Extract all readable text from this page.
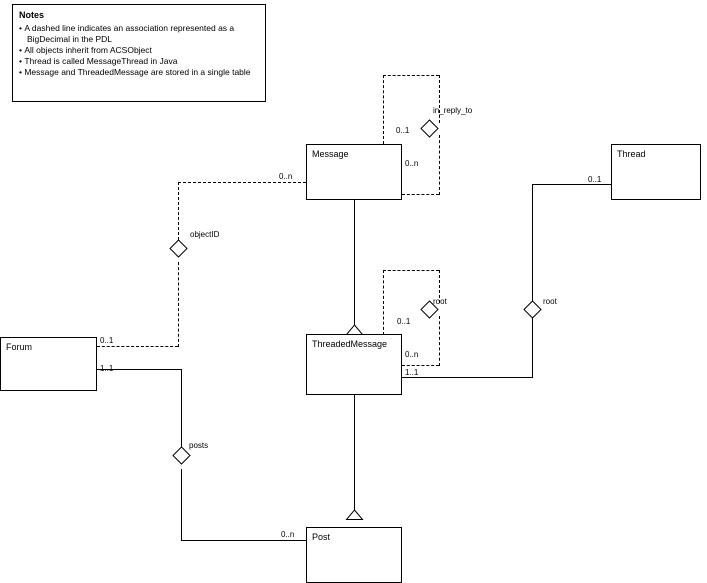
Notes
• A dashed line indicates an association represented as a BigDecimal in the PDL
• All objects inherit from ACSObject
• Thread is called MessageThread in Java
• Message and ThreadedMessage are stored in a single table
Message	Thread
ThreadedMessage
Forum
Post
in_reply_to
objectID
root	root
posts
0..1
0..n
0..n
0..1
0..1
0..1
0..n
1..1
1..1
0..n
